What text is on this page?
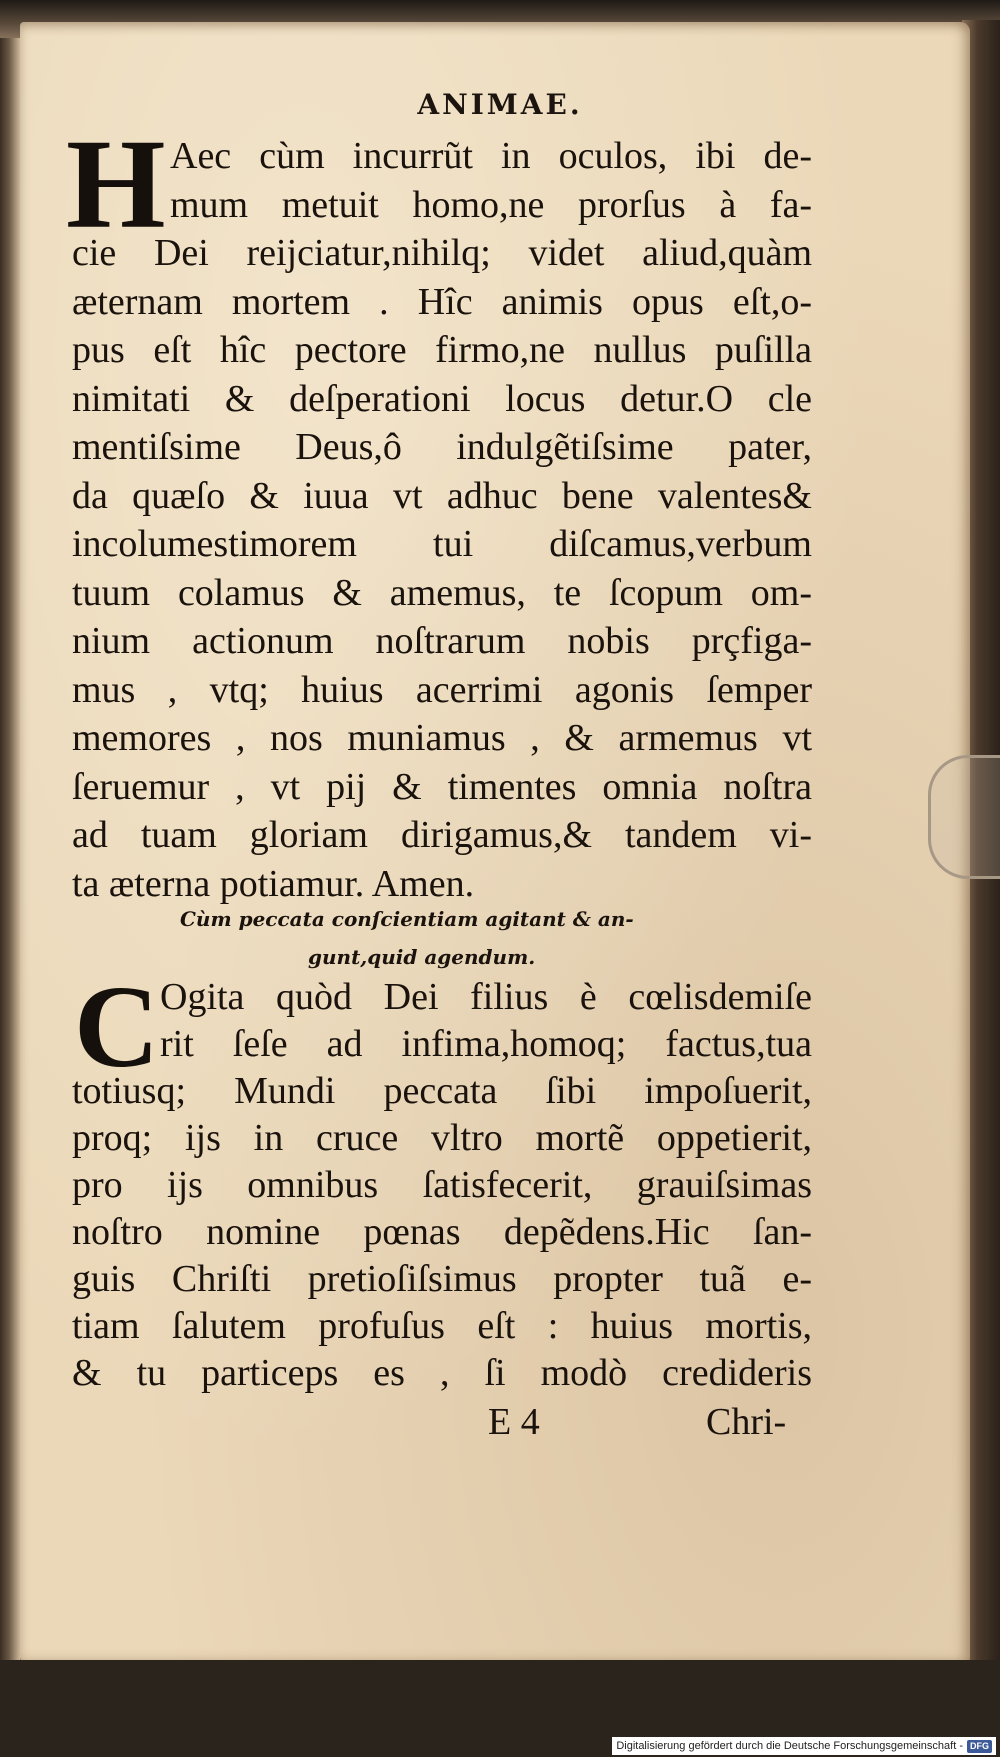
ANIMAE.
H Aec cùm incurrũt in oculos, ibi de-
mum metuit homo,ne prorſus à fa-
cie Dei reijciatur,nihilq; videt aliud,quàm
æternam mortem . Hîc animis opus eſt,o-
pus eſt hîc pectore firmo,ne nullus puſilla
nimitati & deſperationi locus detur.O cle
mentiſsime Deus,ô indulgẽtiſsime pater,
da quæſo & iuua vt adhuc bene valentes&
incolumestimorem tui diſcamus,verbum
tuum colamus & amemus, te ſcopum om-
nium actionum noſtrarum nobis prçfiga-
mus , vtq; huius acerrimi agonis ſemper
memores , nos muniamus , & armemus vt
ſeruemur , vt pij & timentes omnia noſtra
ad tuam gloriam dirigamus,& tandem vi-
ta æterna potiamur. Amen.
Cùm peccata conſcientiam agitant & an-
gunt,quid agendum.
C Ogita quòd Dei filius è cœlisdemiſe
rit ſeſe ad infima,homoq; factus,tua
totiusq; Mundi peccata ſibi impoſuerit,
proq; ijs in cruce vltro mortẽ oppetierit,
pro ijs omnibus ſatisfecerit, grauiſsimas
noſtro nomine pœnas depẽdens.Hic ſan-
guis Chriſti pretioſiſsimus propter tuã e-
tiam ſalutem profuſus eſt : huius mortis,
& tu particeps es , ſi modò credideris
E 4	Chri-
Digitalisierung gefördert durch die Deutsche Forschungsgemeinschaft - DFG
